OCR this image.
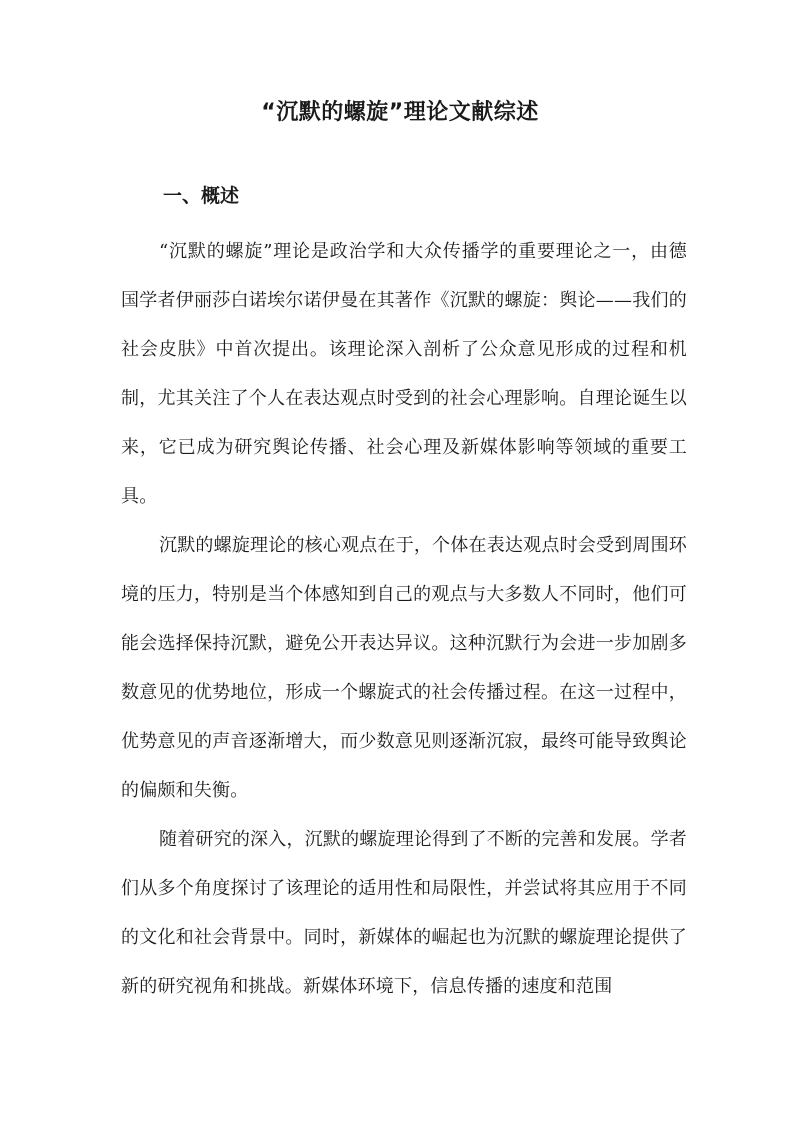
“沉默的螺旋”理论文献综述
一、概述

“沉默的螺旋”理论是政治学和大众传播学的重要理论之一，由德国学者伊丽莎白诺埃尔诺伊曼在其著作《沉默的螺旋：舆论——我们的社会皮肤》中首次提出。该理论深入剖析了公众意见形成的过程和机制，尤其关注了个人在表达观点时受到的社会心理影响。自理论诞生以来，它已成为研究舆论传播、社会心理及新媒体影响等领域的重要工具。

沉默的螺旋理论的核心观点在于，个体在表达观点时会受到周围环境的压力，特别是当个体感知到自己的观点与大多数人不同时，他们可能会选择保持沉默，避免公开表达异议。这种沉默行为会进一步加剧多数意见的优势地位，形成一个螺旋式的社会传播过程。在这一过程中，优势意见的声音逐渐增大，而少数意见则逐渐沉寂，最终可能导致舆论的偏颇和失衡。

随着研究的深入，沉默的螺旋理论得到了不断的完善和发展。学者们从多个角度探讨了该理论的适用性和局限性，并尝试将其应用于不同的文化和社会背景中。同时，新媒体的崛起也为沉默的螺旋理论提供了新的研究视角和挑战。新媒体环境下，信息传播的速度和范围
